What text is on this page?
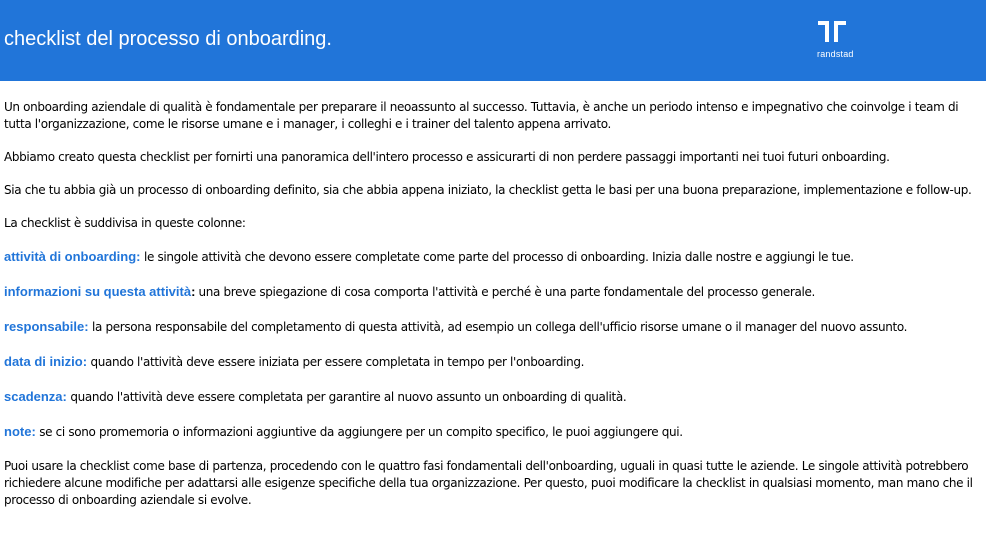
checklist del processo di onboarding.
randstad

Un onboarding aziendale di qualità è fondamentale per preparare il neoassunto al successo. Tuttavia, è anche un periodo intenso e impegnativo che coinvolge i team di tutta l'organizzazione, come le risorse umane e i manager, i colleghi e i trainer del talento appena arrivato.

Abbiamo creato questa checklist per fornirti una panoramica dell'intero processo e assicurarti di non perdere passaggi importanti nei tuoi futuri onboarding.

Sia che tu abbia già un processo di onboarding definito, sia che abbia appena iniziato, la checklist getta le basi per una buona preparazione, implementazione e follow-up.

La checklist è suddivisa in queste colonne:

attività di onboarding: le singole attività che devono essere completate come parte del processo di onboarding. Inizia dalle nostre e aggiungi le tue.

informazioni su questa attività: una breve spiegazione di cosa comporta l'attività e perché è una parte fondamentale del processo generale.

responsabile: la persona responsabile del completamento di questa attività, ad esempio un collega dell'ufficio risorse umane o il manager del nuovo assunto.

data di inizio: quando l'attività deve essere iniziata per essere completata in tempo per l'onboarding.

scadenza: quando l'attività deve essere completata per garantire al nuovo assunto un onboarding di qualità.

note: se ci sono promemoria o informazioni aggiuntive da aggiungere per un compito specifico, le puoi aggiungere qui.

Puoi usare la checklist come base di partenza, procedendo con le quattro fasi fondamentali dell'onboarding, uguali in quasi tutte le aziende. Le singole attività potrebbero richiedere alcune modifiche per adattarsi alle esigenze specifiche della tua organizzazione. Per questo, puoi modificare la checklist in qualsiasi momento, man mano che il processo di onboarding aziendale si evolve.
